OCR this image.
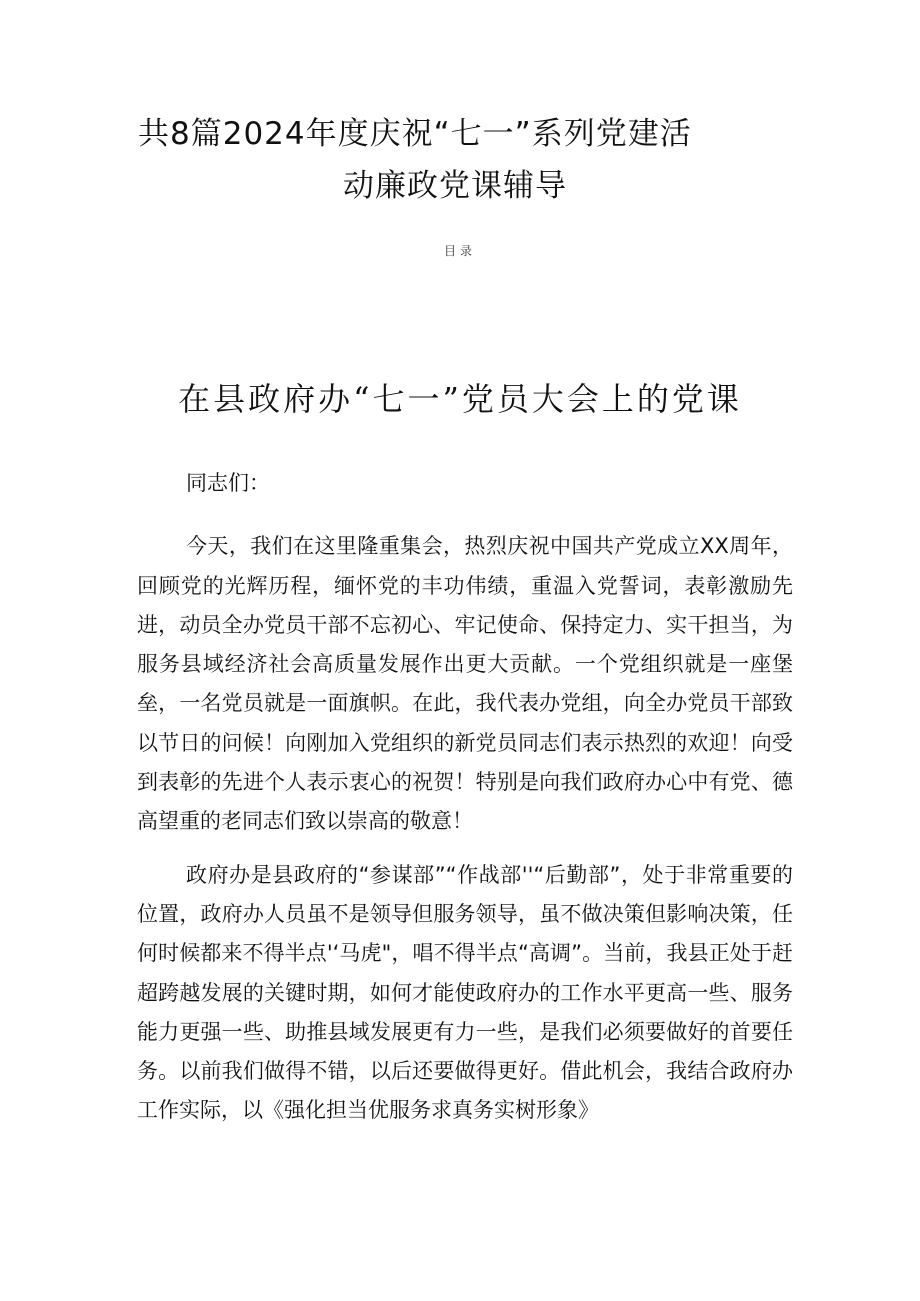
共8篇2024年度庆祝“七一”系列党建活
动廉政党课辅导
目录
在县政府办“七一”党员大会上的党课

同志们：

今天，我们在这里隆重集会，热烈庆祝中国共产党成立XX周年，回顾党的光辉历程，缅怀党的丰功伟绩，重温入党誓词，表彰激励先进，动员全办党员干部不忘初心、牢记使命、保持定力、实干担当，为服务县域经济社会高质量发展作出更大贡献。一个党组织就是一座堡垒，一名党员就是一面旗帜。在此，我代表办党组，向全办党员干部致以节日的问候！向刚加入党组织的新党员同志们表示热烈的欢迎！向受到表彰的先进个人表示衷心的祝贺！特别是向我们政府办心中有党、德高望重的老同志们致以崇高的敬意！

政府办是县政府的“参谋部”“作战部''“后勤部”，处于非常重要的位置，政府办人员虽不是领导但服务领导，虽不做决策但影响决策，任何时候都来不得半点'‘马虎"，唱不得半点“高调”。当前，我县正处于赶超跨越发展的关键时期，如何才能使政府办的工作水平更高一些、服务能力更强一些、助推县域发展更有力一些，是我们必须要做好的首要任务。以前我们做得不错，以后还要做得更好。借此机会，我结合政府办工作实际，以《强化担当优服务求真务实树形象》
